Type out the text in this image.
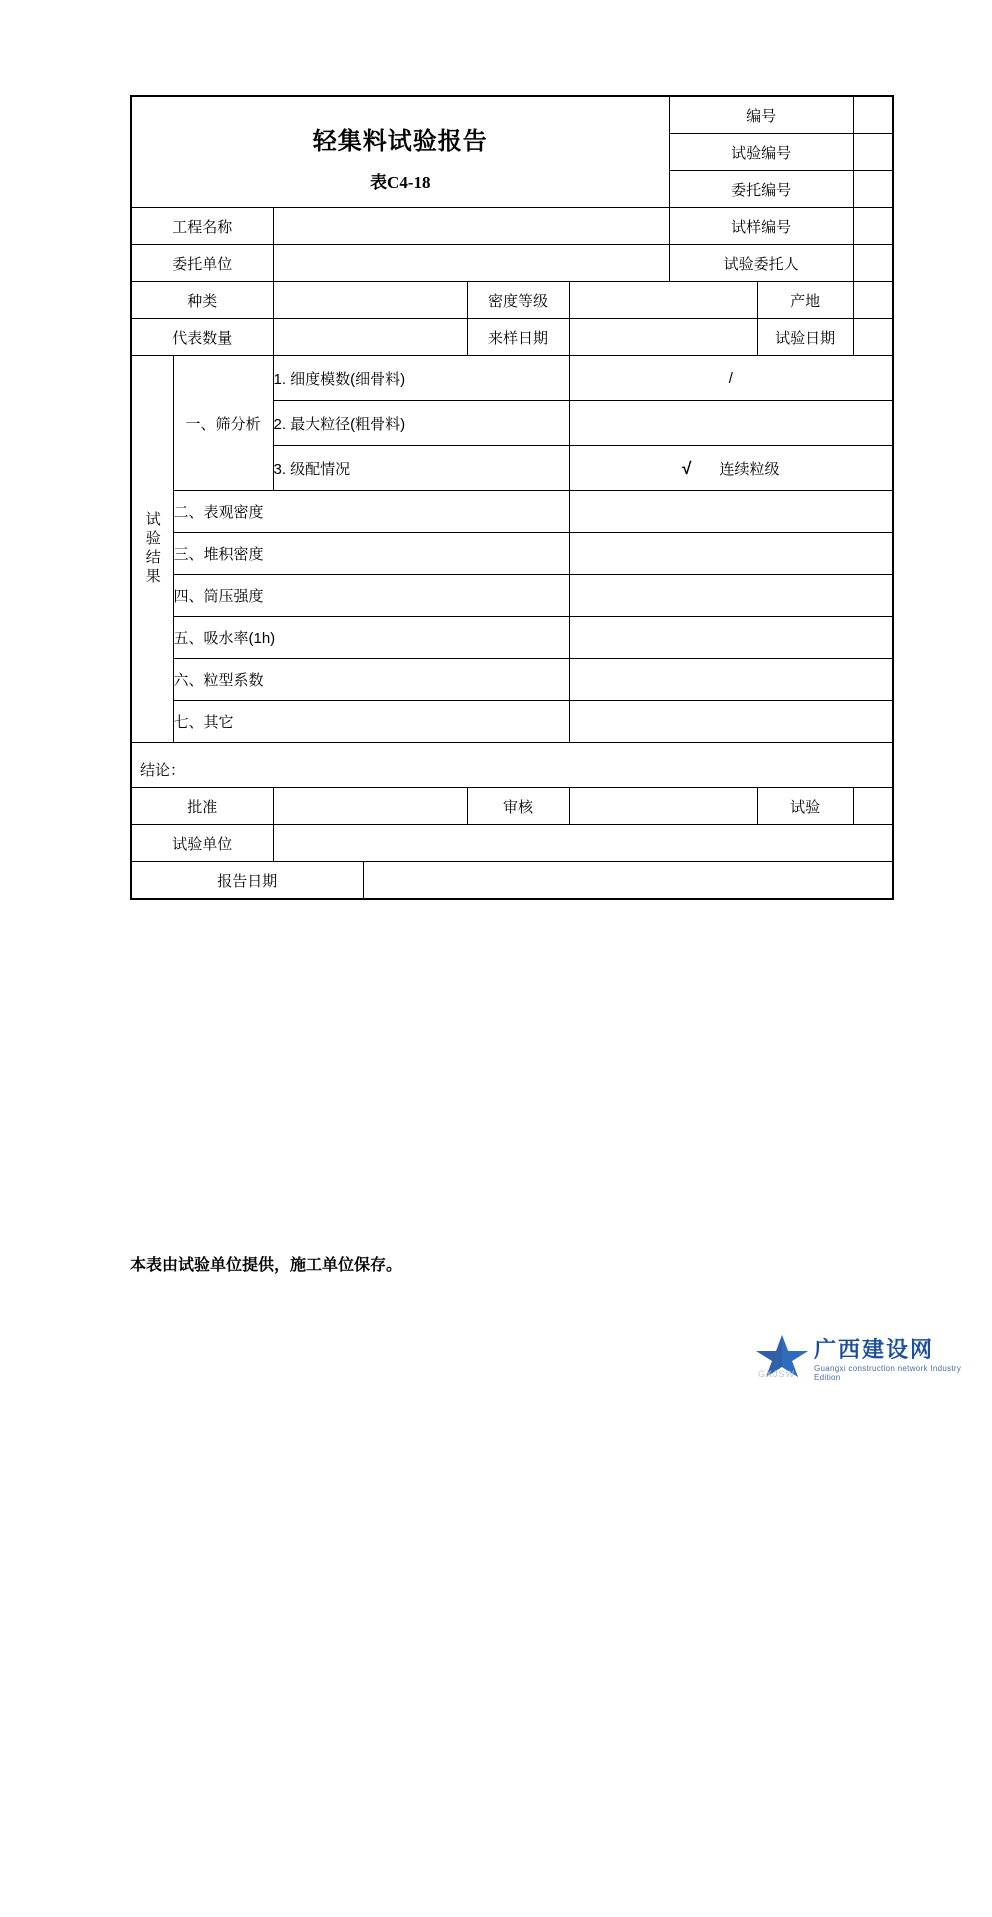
轻集料试验报告
表C4-18						编号		
						试验编号		
						委托编号		
工程名称						试样编号		
委托单位						试验委托人		
种类				密度等级			产地	
代表数量				来样日期			试验日期	

试验结果	一、筛分析	1. 细度模数(细骨料)			/			
		2. 最大粒径(粗骨料)						
		3. 级配情况			√ 连续粒级			
	二、表观密度							
	三、堆积密度							
	四、筒压强度							
	五、吸水率(1h)							
	六、粒型系数							
	七、其它							
结论：								
批准				审核			试验	
试验单位								
报告日期								
本表由试验单位提供，施工单位保存。
广西建设网
Guangxi construction network Industry Edition
GXJSW
